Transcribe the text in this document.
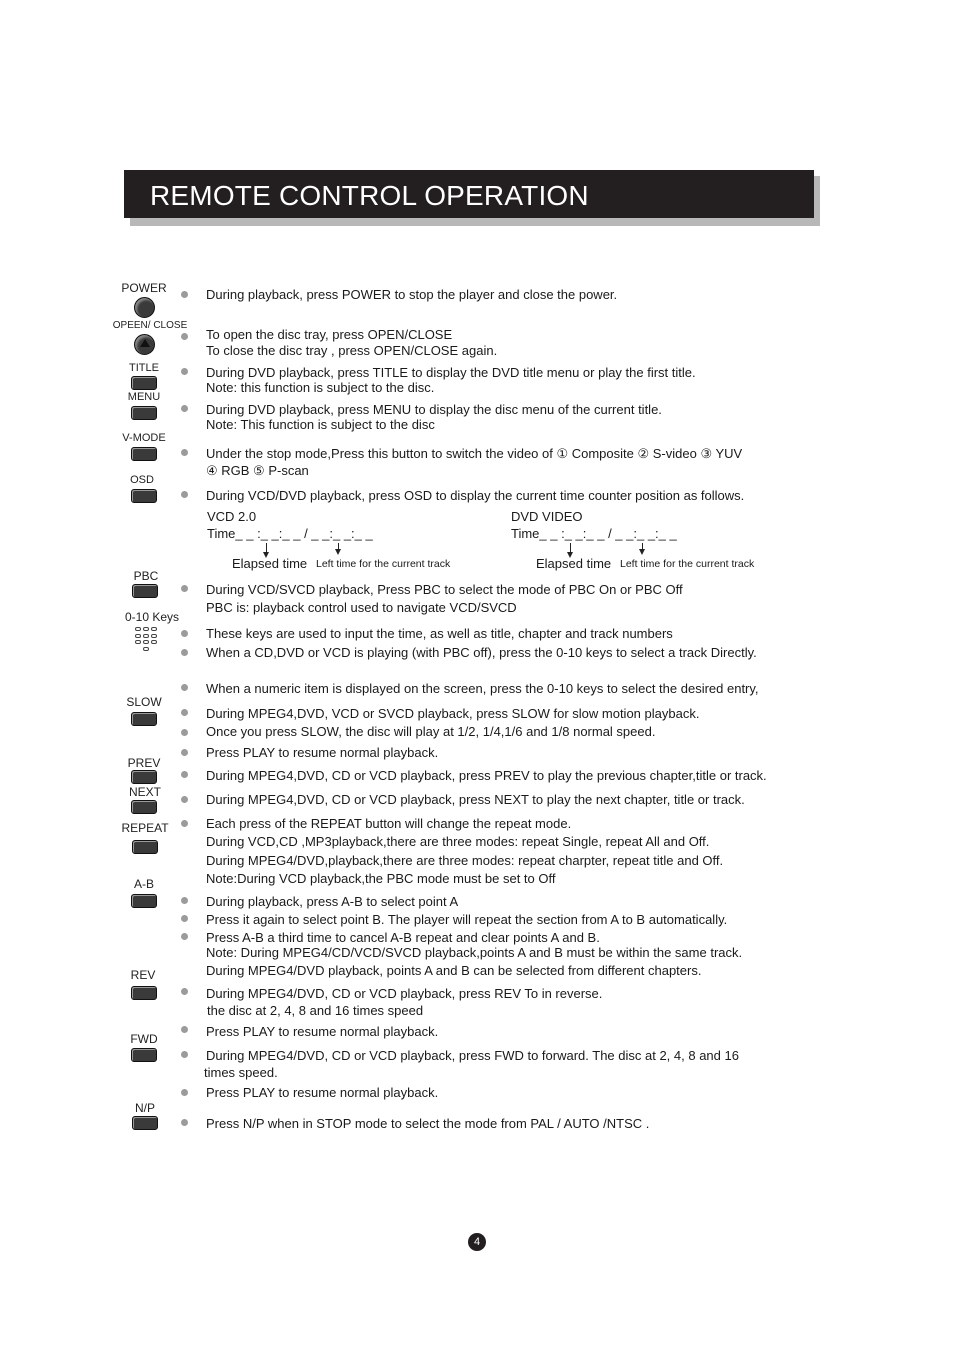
REMOTE CONTROL OPERATION
POWER
OPEEN/ CLOSE
TITLE
MENU
V-MODE
OSD
PBC
0-10 Keys
SLOW
PREV
NEXT
REPEAT
A-B
REV
FWD
N/P
During playback, press POWER to stop the player and close the power.
To open the disc tray, press OPEN/CLOSE
To close the disc tray , press OPEN/CLOSE again.
During DVD playback, press TITLE to display the DVD title menu or play the first title.
Note: this function is subject to the disc.
During DVD playback, press MENU to display the disc menu of the current title.
Note: This function is subject to the disc
Under the stop mode,Press this button to switch the video of ① Composite ② S-video ③ YUV
④ RGB ⑤ P-scan
During VCD/DVD playback, press OSD to display the current time counter position as follows.
VCD 2.0
Time_ _ :_ _:_ _ / _ _:_ _:_ _
Elapsed time Left time for the current track
DVD VIDEO
Time_ _ :_ _:_ _ / _ _:_ _:_ _
Elapsed time Left time for the current track
During VCD/SVCD playback, Press PBC to select the mode of PBC On or PBC Off
PBC is: playback control used to navigate VCD/SVCD
These keys are used to input the time, as well as title, chapter and track numbers
When a CD,DVD or VCD is playing (with PBC off), press the 0-10 keys to select a track Directly.
When a numeric item is displayed on the screen, press the 0-10 keys to select the desired entry,
During MPEG4,DVD, VCD or SVCD playback, press SLOW for slow motion playback.
Once you press SLOW, the disc will play at 1/2, 1/4,1/6 and 1/8 normal speed.
Press PLAY to resume normal playback.
During MPEG4,DVD, CD or VCD playback, press PREV to play the previous chapter,title or track.
During MPEG4,DVD, CD or VCD playback, press NEXT to play the next chapter, title or track.
Each press of the REPEAT button will change the repeat mode.
During VCD,CD ,MP3playback,there are three modes: repeat Single, repeat All and Off.
During MPEG4/DVD,playback,there are three modes: repeat charpter, repeat title and Off.
Note:During VCD playback,the PBC mode must be set to Off
During playback, press A-B to select point A
Press it again to select point B. The player will repeat the section from A to B automatically.
Press A-B a third time to cancel A-B repeat and clear points A and B.
Note: During MPEG4/CD/VCD/SVCD playback,points A and B must be within the same track.
During MPEG4/DVD playback, points A and B can be selected from different chapters.
During MPEG4/DVD, CD or VCD playback, press REV To in reverse.
the disc at 2, 4, 8 and 16 times speed
Press PLAY to resume normal playback.
During MPEG4/DVD, CD or VCD playback, press FWD to forward. The disc at 2, 4, 8 and 16
times speed.
Press PLAY to resume normal playback.
Press N/P when in STOP mode to select the mode from PAL / AUTO /NTSC .
4
